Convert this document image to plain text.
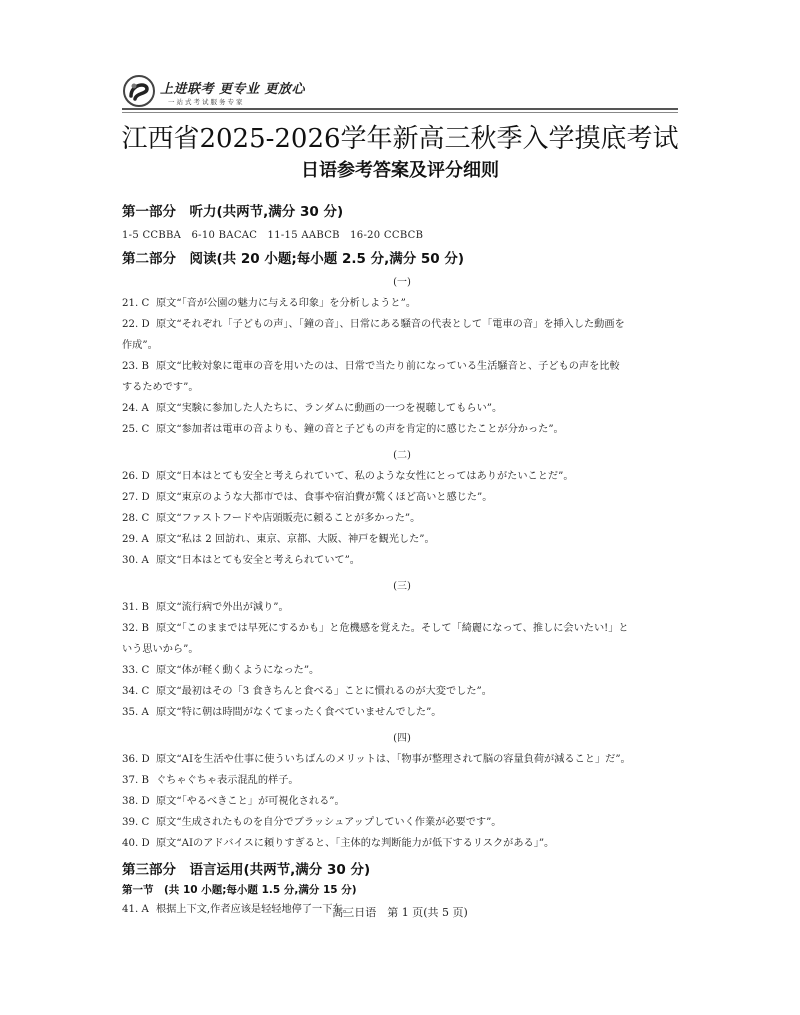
上进联考 更专业 更放心
一站式考试服务专家
江西省2025-2026学年新高三秋季入学摸底考试
日语参考答案及评分细则
第一部分　听力(共两节,满分 30 分)
1-5 CCBBA　6-10 BACAC　11-15 AABCB　16-20 CCBCB
第二部分　阅读(共 20 小题;每小题 2.5 分,满分 50 分)
(一)
21. C 原文“「音が公園の魅力に与える印象」を分析しようと”。
22. D 原文“それぞれ「子どもの声」、「鐘の音」、日常にある騒音の代表として「電車の音」を挿入した動画を
作成”。
23. B 原文“比較対象に電車の音を用いたのは、日常で当たり前になっている生活騒音と、子どもの声を比較
するためです”。
24. A 原文“実験に参加した人たちに、ランダムに動画の一つを視聴してもらい”。
25. C 原文“参加者は電車の音よりも、鐘の音と子どもの声を肯定的に感じたことが分かった”。
(二)
26. D 原文“日本はとても安全と考えられていて、私のような女性にとってはありがたいことだ”。
27. D 原文“東京のような大都市では、食事や宿泊費が驚くほど高いと感じた”。
28. C 原文“ファストフードや店頭販売に頼ることが多かった”。
29. A 原文“私は 2 回訪れ、東京、京都、大阪、神戸を観光した”。
30. A 原文“日本はとても安全と考えられていて”。
(三)
31. B 原文“流行病で外出が減り”。
32. B 原文“「このままでは早死にするかも」と危機感を覚えた。そして「綺麗になって、推しに会いたい!」と
いう思いから”。
33. C 原文“体が軽く動くようになった”。
34. C 原文“最初はその「3 食きちんと食べる」ことに慣れるのが大変でした”。
35. A 原文“特に朝は時間がなくてまったく食べていませんでした”。
(四)
36. D 原文“AIを生活や仕事に使ういちばんのメリットは、「物事が整理されて脳の容量負荷が減ること」だ”。
37. B ぐちゃぐちゃ表示混乱的样子。
38. D 原文“「やるべきこと」が可視化される”。
39. C 原文“生成されたものを自分でブラッシュアップしていく作業が必要です”。
40. D 原文“AIのアドバイスに頼りすぎると、「主体的な判断能力が低下するリスクがある」”。
第三部分　语言运用(共两节,满分 30 分)
第一节　(共 10 小题;每小题 1.5 分,满分 15 分)
41. A 根据上下文,作者应该是轻轻地停了一下车。
高三日语　第 1 页(共 5 页)
